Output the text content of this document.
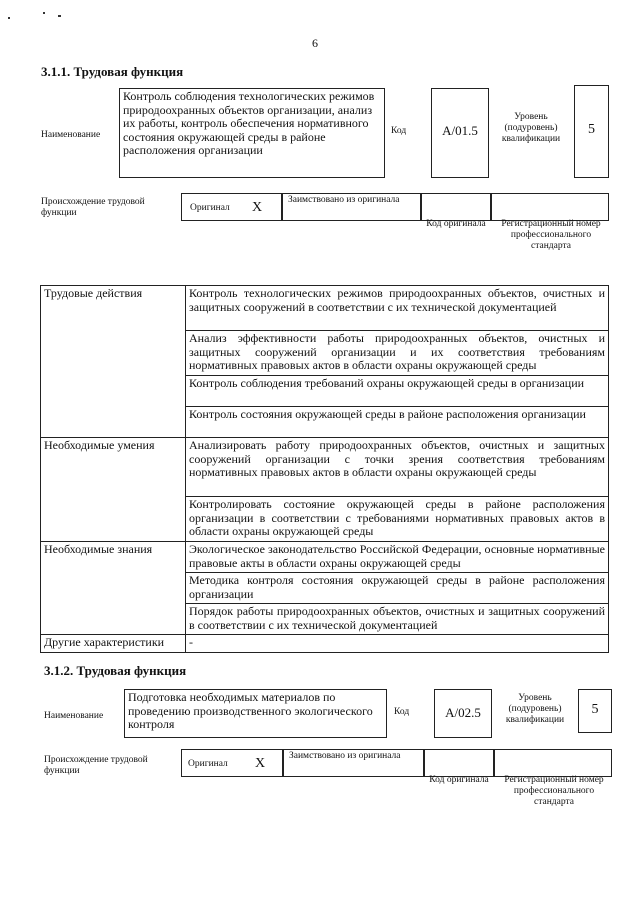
6
3.1.1. Трудовая функция
Наименование
Контроль соблюдения технологических режимов природоохранных объектов организации, анализ их работы, контроль обеспечения нормативного состояния окружающей среды в районе расположения организации
Код	A/01.5
Уровень (подуровень) квалификации
5
Происхождение трудовой функции	Оригинал X	Заимствовано из оригинала
Код оригинала	Регистрационный номер профессионального стандарта
Трудовые действия	Контроль технологических режимов природоохранных объектов, очистных и защитных сооружений в соответствии с их технической документацией
	Анализ эффективности работы природоохранных объектов, очистных и защитных сооружений организации и их соответствия требованиям нормативных правовых актов в области охраны окружающей среды
	Контроль соблюдения требований охраны окружающей среды в организации
	Контроль состояния окружающей среды в районе расположения организации
Необходимые умения	Анализировать работу природоохранных объектов, очистных и защитных сооружений организации с точки зрения соответствия требованиям нормативных правовых актов в области охраны окружающей среды
	Контролировать состояние окружающей среды в районе расположения организации в соответствии с требованиями нормативных правовых актов в области охраны окружающей среды
Необходимые знания	Экологическое законодательство Российской Федерации, основные нормативные правовые акты в области охраны окружающей среды
	Методика контроля состояния окружающей среды в районе расположения организации
	Порядок работы природоохранных объектов, очистных и защитных сооружений в соответствии с их технической документацией
Другие характеристики	-
3.1.2. Трудовая функция
Наименование
Подготовка необходимых материалов по проведению производственного экологического контроля
Код	A/02.5
Уровень (подуровень) квалификации
5
Происхождение трудовой функции
Оригинал X	Заимствовано из оригинала
Код оригинала	Регистрационный номер профессионального стандарта
